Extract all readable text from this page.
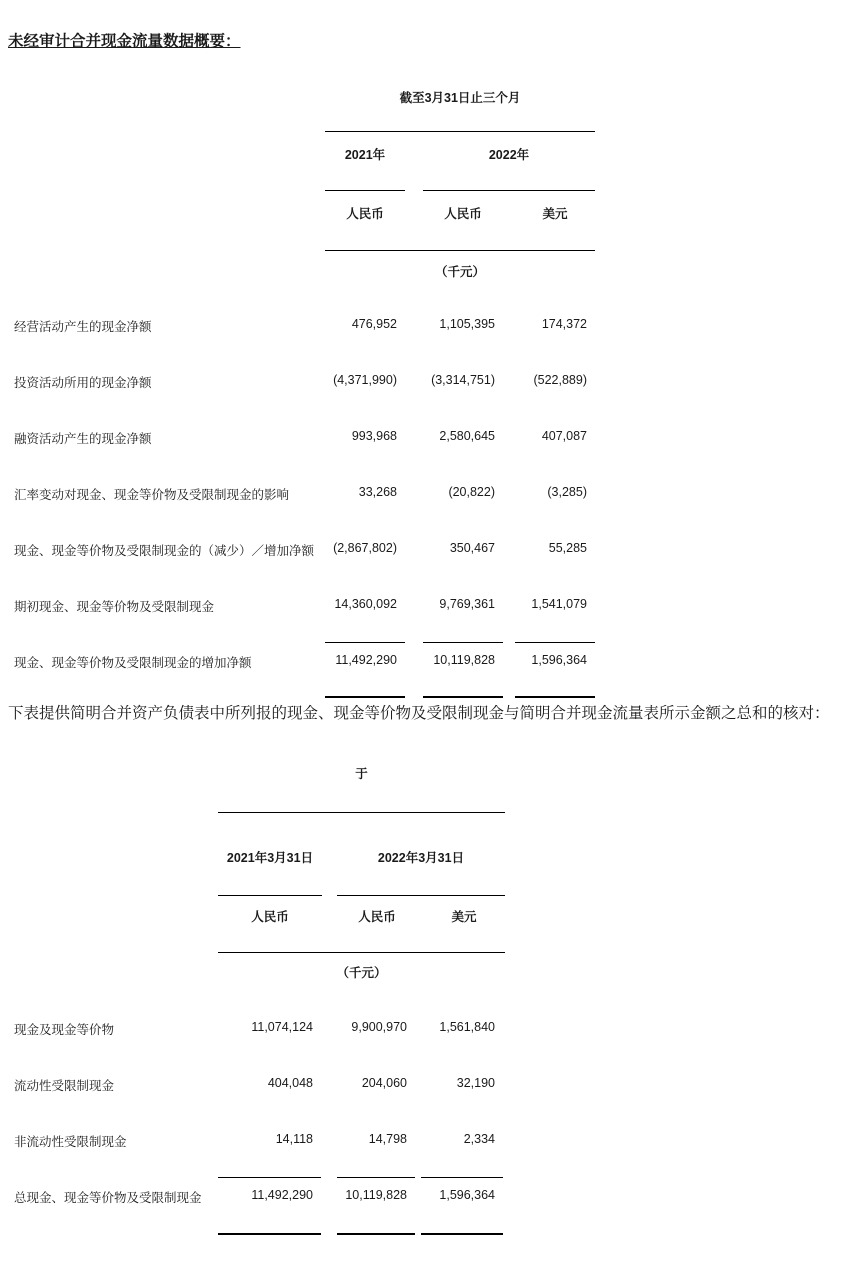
未经审计合并现金流量数据概要：
截至3月31日止三个月
2021年	2022年
人民币	人民币	美元
（千元）
经营活动产生的现金净额	476,952	1,105,395	174,372
投资活动所用的现金净额	(4,371,990)	(3,314,751)	(522,889)
融资活动产生的现金净额	993,968	2,580,645	407,087
汇率变动对现金、现金等价物及受限制现金的影响	33,268	(20,822)	(3,285)
现金、现金等价物及受限制现金的（减少）／增加净额	(2,867,802)	350,467	55,285
期初现金、现金等价物及受限制现金	14,360,092	9,769,361	1,541,079
现金、现金等价物及受限制现金的增加净额	11,492,290	10,119,828	1,596,364
下表提供简明合并资产负债表中所列报的现金、现金等价物及受限制现金与简明合并现金流量表所示金额之总和的核对：
于
2021年3月31日	2022年3月31日
人民币	人民币	美元
（千元）
现金及现金等价物	11,074,124	9,900,970	1,561,840
流动性受限制现金	404,048	204,060	32,190
非流动性受限制现金	14,118	14,798	2,334
总现金、现金等价物及受限制现金	11,492,290	10,119,828	1,596,364
